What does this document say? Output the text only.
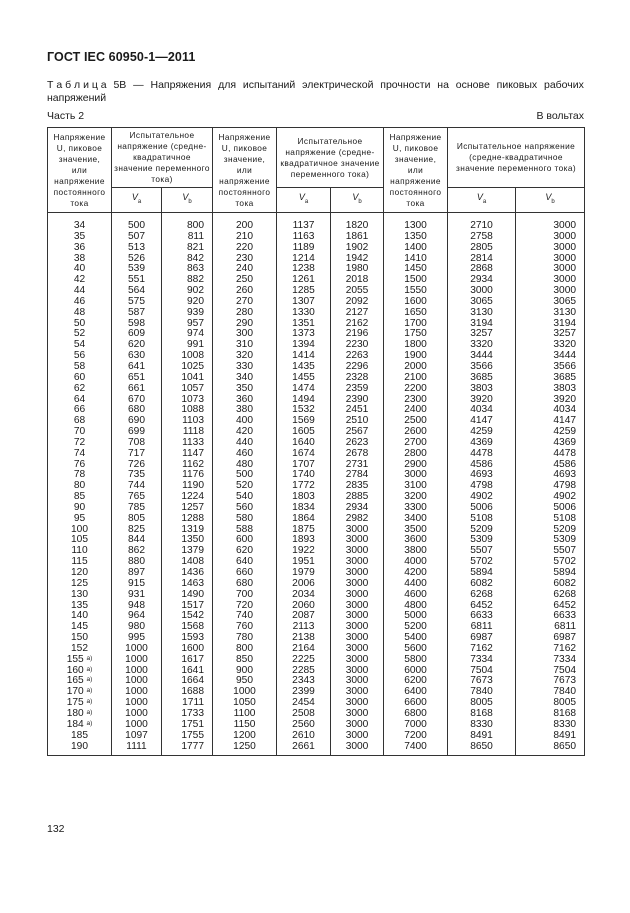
ГОСТ IEC 60950-1—2011
Т а б л и ц а 5В — Напряжения для испытаний электрической прочности на основе пиковых рабочих
напряжений
Часть 2	В вольтах
Напряжение U, пиковое значение, или напряжение постоянного тока	Испытательное напряжение (средне-квадратичное значение переменного тока)		Напряжение U, пиковое значение, или напряжение постоянного тока	Испытательное напряжение (средне-квадратичное значение переменного тока)		Напряжение U, пиковое значение, или напряжение постоянного тока	Испытательное напряжение (средне-квадратичное значение переменного тока)	
	$V_a$	$V_b$		$V_a$	$V_b$		$V_a$	$V_b$

34	500	800	200	1137	1820	1300	2710	3000
35	507	811	210	1163	1861	1350	2758	3000
36	513	821	220	1189	1902	1400	2805	3000
38	526	842	230	1214	1942	1410	2814	3000
40	539	863	240	1238	1980	1450	2868	3000
42	551	882	250	1261	2018	1500	2934	3000
44	564	902	260	1285	2055	1550	3000	3000
46	575	920	270	1307	2092	1600	3065	3065
48	587	939	280	1330	2127	1650	3130	3130
50	598	957	290	1351	2162	1700	3194	3194
52	609	974	300	1373	2196	1750	3257	3257
54	620	991	310	1394	2230	1800	3320	3320
56	630	1008	320	1414	2263	1900	3444	3444
58	641	1025	330	1435	2296	2000	3566	3566
60	651	1041	340	1455	2328	2100	3685	3685
62	661	1057	350	1474	2359	2200	3803	3803
64	670	1073	360	1494	2390	2300	3920	3920
66	680	1088	380	1532	2451	2400	4034	4034
68	690	1103	400	1569	2510	2500	4147	4147
70	699	1118	420	1605	2567	2600	4259	4259
72	708	1133	440	1640	2623	2700	4369	4369
74	717	1147	460	1674	2678	2800	4478	4478
76	726	1162	480	1707	2731	2900	4586	4586
78	735	1176	500	1740	2784	3000	4693	4693
80	744	1190	520	1772	2835	3100	4798	4798
85	765	1224	540	1803	2885	3200	4902	4902
90	785	1257	560	1834	2934	3300	5006	5006
95	805	1288	580	1864	2982	3400	5108	5108
100	825	1319	588	1875	3000	3500	5209	5209
105	844	1350	600	1893	3000	3600	5309	5309
110	862	1379	620	1922	3000	3800	5507	5507
115	880	1408	640	1951	3000	4000	5702	5702
120	897	1436	660	1979	3000	4200	5894	5894
125	915	1463	680	2006	3000	4400	6082	6082
130	931	1490	700	2034	3000	4600	6268	6268
135	948	1517	720	2060	3000	4800	6452	6452
140	964	1542	740	2087	3000	5000	6633	6633
145	980	1568	760	2113	3000	5200	6811	6811
150	995	1593	780	2138	3000	5400	6987	6987
152	1000	1600	800	2164	3000	5600	7162	7162
155 $^{a)}$	1000	1617	850	2225	3000	5800	7334	7334
160 $^{a)}$	1000	1641	900	2285	3000	6000	7504	7504
165 $^{a)}$	1000	1664	950	2343	3000	6200	7673	7673
170 $^{a)}$	1000	1688	1000	2399	3000	6400	7840	7840
175 $^{a)}$	1000	1711	1050	2454	3000	6600	8005	8005
180 $^{a)}$	1000	1733	1100	2508	3000	6800	8168	8168
184 $^{a)}$	1000	1751	1150	2560	3000	7000	8330	8330
185	1097	1755	1200	2610	3000	7200	8491	8491
190	1111	1777	1250	2661	3000	7400	8650	8650
132
